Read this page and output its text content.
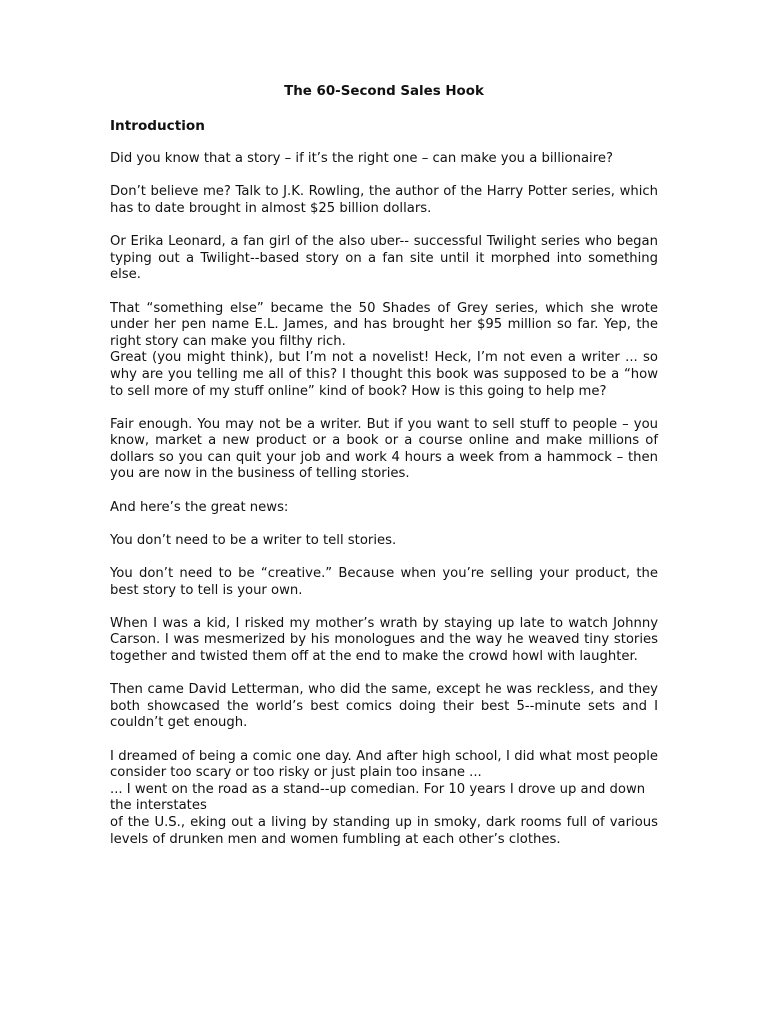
The 60-Second Sales Hook
Introduction

Did you know that a story – if it’s the right one – can make you a billionaire?

Don’t believe me? Talk to J.K. Rowling, the author of the Harry Potter series, which has to date brought in almost $25 billion dollars.

Or Erika Leonard, a fan girl of the also uber-- successful Twilight series who began typing out a Twilight--based story on a fan site until it morphed into something else.

That “something else” became the 50 Shades of Grey series, which she wrote under her pen name E.L. James, and has brought her $95 million so far. Yep, the right story can make you filthy rich.

Great (you might think), but I’m not a novelist! Heck, I’m not even a writer ... so why are you telling me all of this? I thought this book was supposed to be a “how to sell more of my stuff online” kind of book? How is this going to help me?

Fair enough. You may not be a writer. But if you want to sell stuff to people – you know, market a new product or a book or a course online and make millions of dollars so you can quit your job and work 4 hours a week from a hammock – then you are now in the business of telling stories.

And here’s the great news:

You don’t need to be a writer to tell stories.

You don’t need to be “creative.” Because when you’re selling your product, the best story to tell is your own.

When I was a kid, I risked my mother’s wrath by staying up late to watch Johnny Carson. I was mesmerized by his monologues and the way he weaved tiny stories together and twisted them off at the end to make the crowd howl with laughter.

Then came David Letterman, who did the same, except he was reckless, and they both showcased the world’s best comics doing their best 5--minute sets and I couldn’t get enough.

I dreamed of being a comic one day. And after high school, I did what most people consider too scary or too risky or just plain too insane ...

... I went on the road as a stand--up comedian. For 10 years I drove up and down the interstates

of the U.S., eking out a living by standing up in smoky, dark rooms full of various levels of drunken men and women fumbling at each other’s clothes.
